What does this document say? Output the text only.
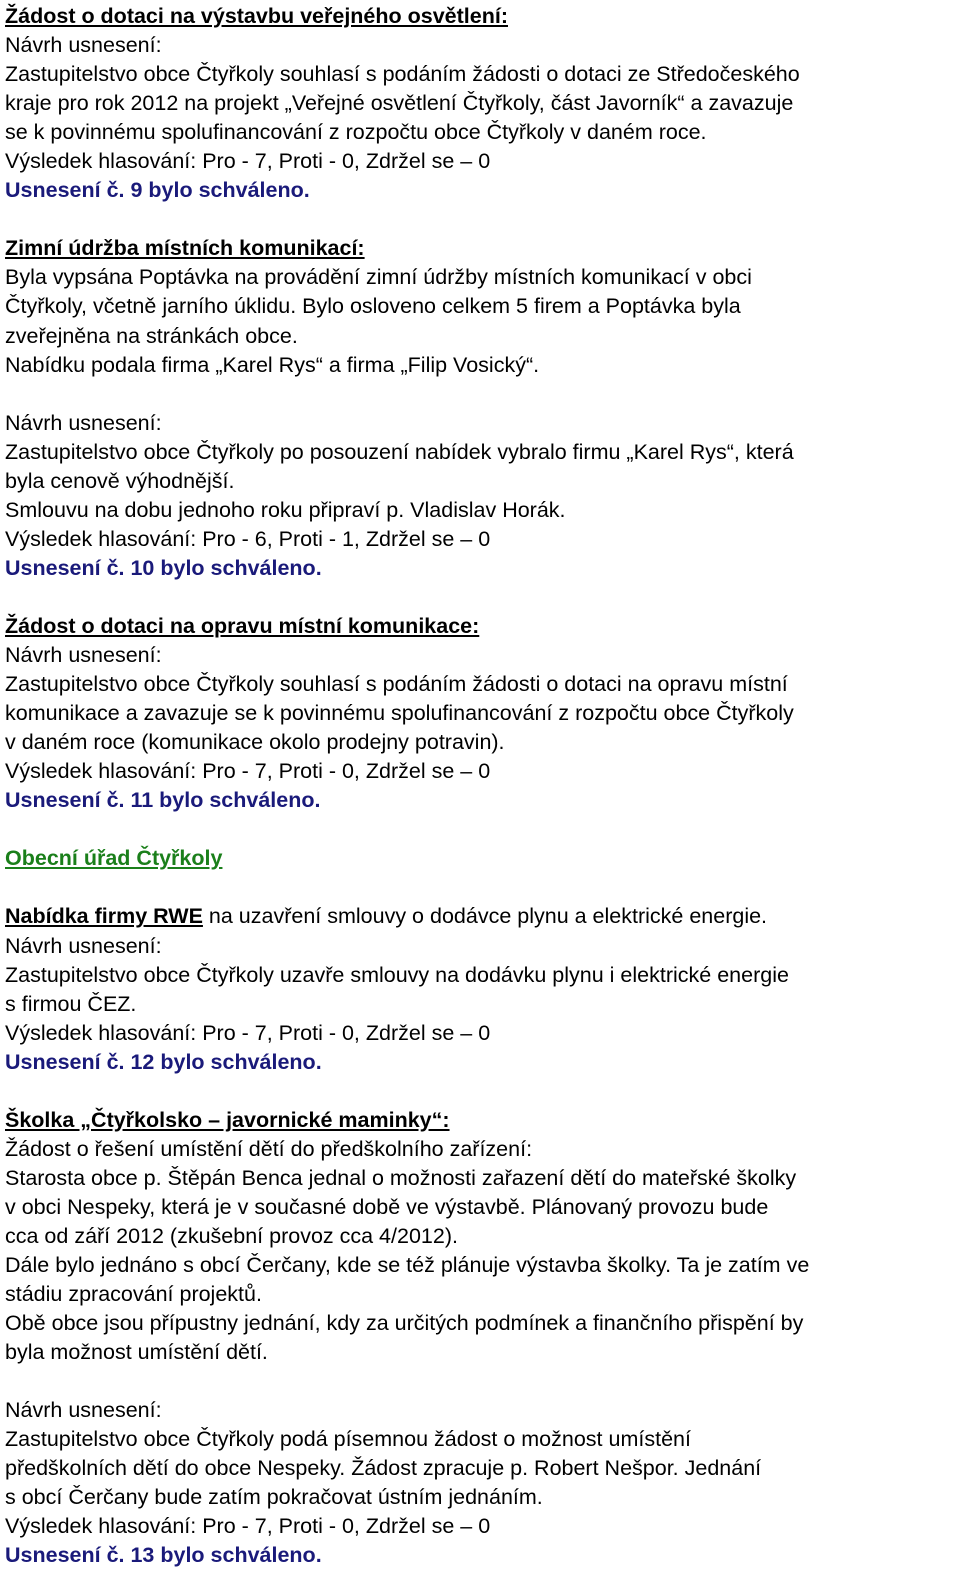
Žádost o dotaci na výstavbu veřejného osvětlení:
Návrh usnesení:
Zastupitelstvo obce Čtyřkoly souhlasí s podáním žádosti o dotaci ze Středočeského
kraje pro rok 2012 na projekt „Veřejné osvětlení Čtyřkoly, část Javorník“ a zavazuje
se k povinnému spolufinancování z rozpočtu obce Čtyřkoly v daném roce.
Výsledek hlasování: Pro - 7, Proti - 0, Zdržel se – 0
Usnesení č. 9 bylo schváleno.
Zimní údržba místních komunikací:
Byla vypsána Poptávka na provádění zimní údržby místních komunikací v obci
Čtyřkoly, včetně jarního úklidu. Bylo osloveno celkem 5 firem a Poptávka byla
zveřejněna na stránkách obce.
Nabídku podala firma „Karel Rys“ a firma „Filip Vosický“.
Návrh usnesení:
Zastupitelstvo obce Čtyřkoly po posouzení nabídek vybralo firmu „Karel Rys“, která
byla cenově výhodnější.
Smlouvu na dobu jednoho roku připraví p. Vladislav Horák.
Výsledek hlasování: Pro - 6, Proti - 1, Zdržel se – 0
Usnesení č. 10 bylo schváleno.
Žádost o dotaci na opravu místní komunikace:
Návrh usnesení:
Zastupitelstvo obce Čtyřkoly souhlasí s podáním žádosti o dotaci na opravu místní
komunikace a zavazuje se k povinnému spolufinancování z rozpočtu obce Čtyřkoly
v daném roce (komunikace okolo prodejny potravin).
Výsledek hlasování: Pro - 7, Proti - 0, Zdržel se – 0
Usnesení č. 11 bylo schváleno.
Obecní úřad Čtyřkoly
Nabídka firmy RWE na uzavření smlouvy o dodávce plynu a elektrické energie.
Návrh usnesení:
Zastupitelstvo obce Čtyřkoly uzavře smlouvy na dodávku plynu i elektrické energie
s firmou ČEZ.
Výsledek hlasování: Pro - 7, Proti - 0, Zdržel se – 0
Usnesení č. 12 bylo schváleno.
Školka „Čtyřkolsko – javornické maminky“:
Žádost o řešení umístění dětí do předškolního zařízení:
Starosta obce p. Štěpán Benca jednal o možnosti zařazení dětí do mateřské školky
v obci Nespeky, která je v současné době ve výstavbě. Plánovaný provozu bude
cca od září 2012 (zkušební provoz cca 4/2012).
Dále bylo jednáno s obcí Čerčany, kde se též plánuje výstavba školky. Ta je zatím ve
stádiu zpracování projektů.
Obě obce jsou přípustny jednání, kdy za určitých podmínek a finančního přispění by
byla možnost umístění dětí.
Návrh usnesení:
Zastupitelstvo obce Čtyřkoly podá písemnou žádost o možnost umístění
předškolních dětí do obce Nespeky. Žádost zpracuje p. Robert Nešpor. Jednání
s obcí Čerčany bude zatím pokračovat ústním jednáním.
Výsledek hlasování: Pro - 7, Proti - 0, Zdržel se – 0
Usnesení č. 13 bylo schváleno.
